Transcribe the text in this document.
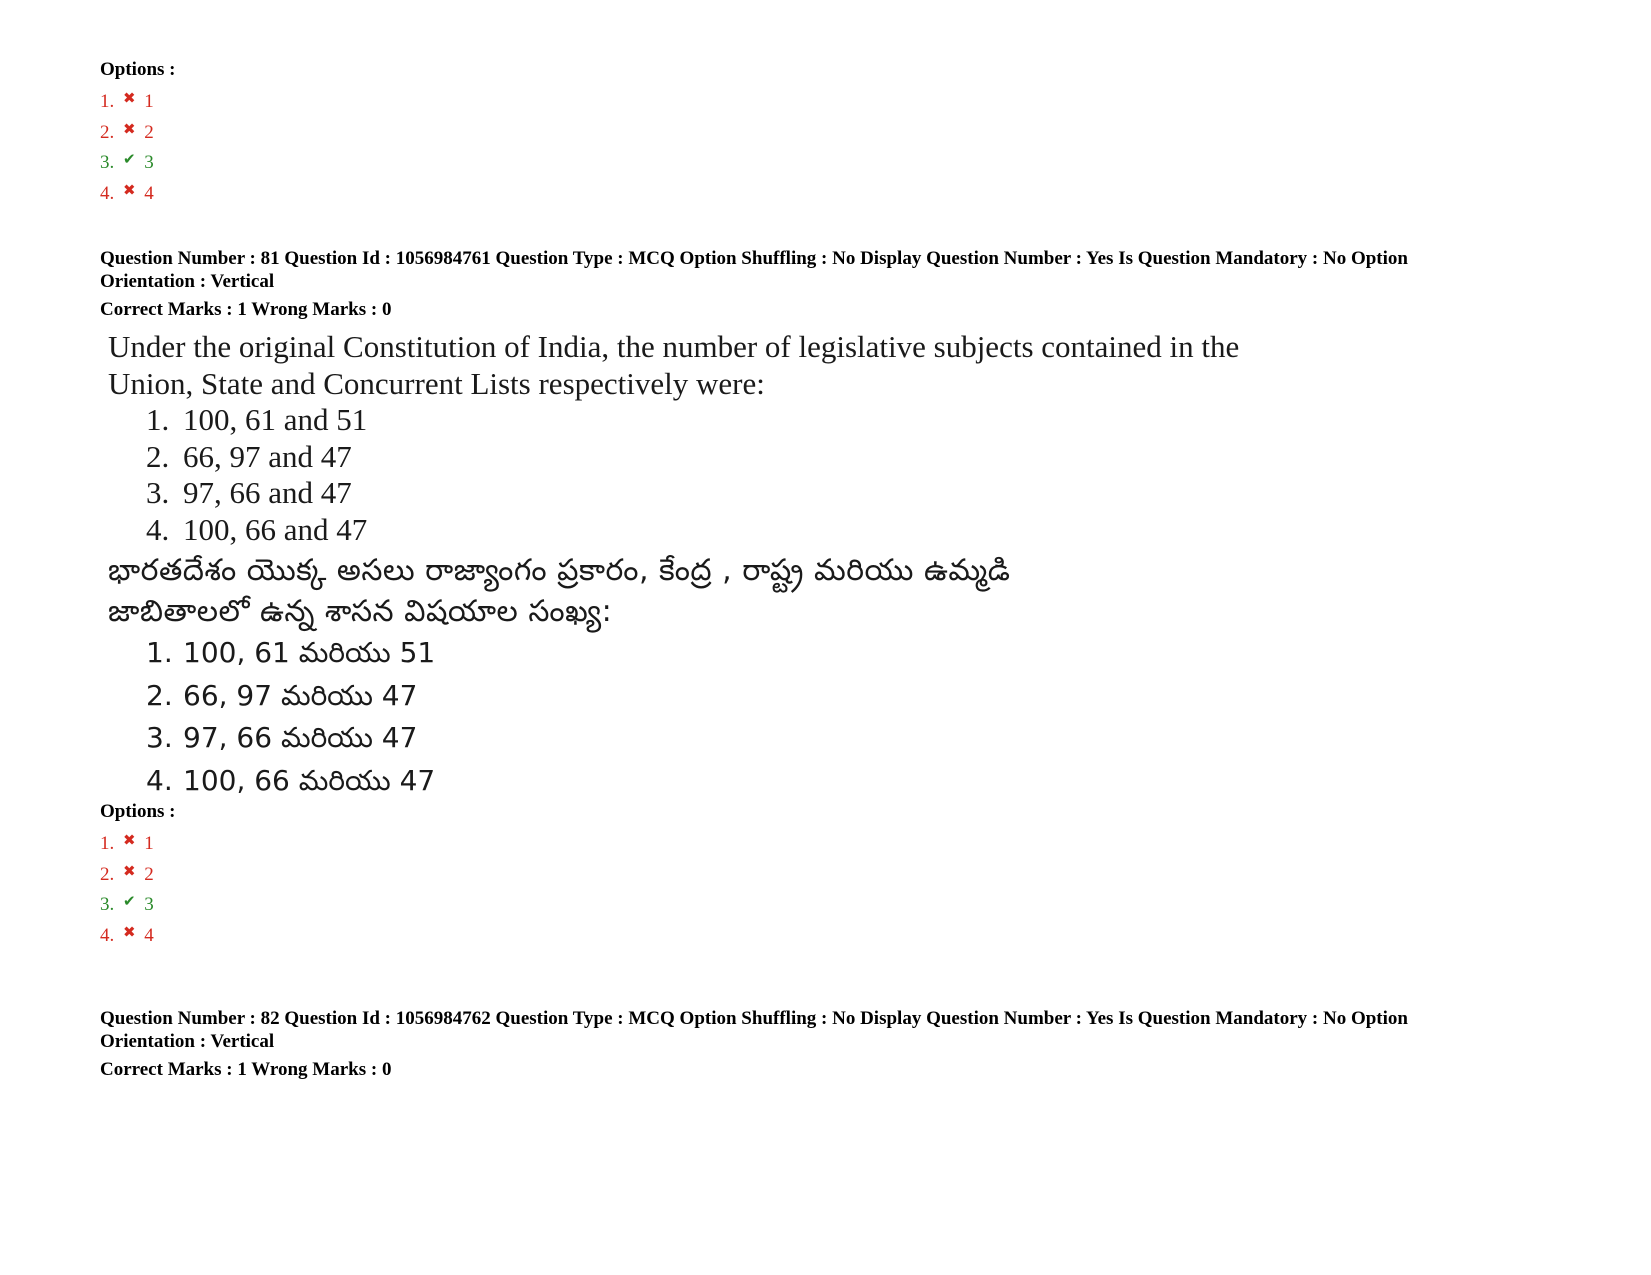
Options :
1. ✖ 1
2. ✖ 2
3. ✔ 3
4. ✖ 4
Question Number : 81 Question Id : 1056984761 Question Type : MCQ Option Shuffling : No Display Question Number : Yes Is Question Mandatory : No Option
Orientation : Vertical
Correct Marks : 1 Wrong Marks : 0
Under the original Constitution of India, the number of legislative subjects contained in the
Union, State and Concurrent Lists respectively were:
1. 100, 61 and 51
2. 66, 97 and 47
3. 97, 66 and 47
4. 100, 66 and 47
భారతదేశం యొక్క అసలు రాజ్యాంగం ప్రకారం, కేంద్ర , రాష్ట్ర మరియు ఉమ్మడి
జాబితాలలో ఉన్న శాసన విషయాల సంఖ్య:
1. 100, 61 మరియు 51
2. 66, 97 మరియు 47
3. 97, 66 మరియు 47
4. 100, 66 మరియు 47
Options :
1. ✖ 1
2. ✖ 2
3. ✔ 3
4. ✖ 4
Question Number : 82 Question Id : 1056984762 Question Type : MCQ Option Shuffling : No Display Question Number : Yes Is Question Mandatory : No Option
Orientation : Vertical
Correct Marks : 1 Wrong Marks : 0
